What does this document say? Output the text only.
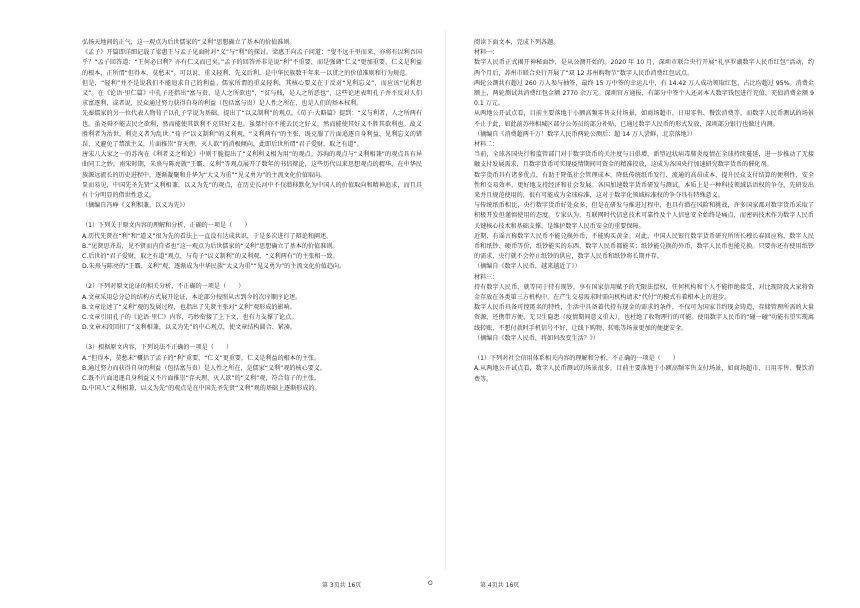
弘扬天地间的正气，这一观点为后世儒家的“义利”思想确立了基本的价值准则。

《孟子》开篇即详细记载了梁惠王与孟子见面时对“义”与“利”的探讨。梁惠王向孟子问道：“叟不远千里而来，亦将有以利吾国乎？”孟子回答道：“王何必曰利？亦有仁义而已矣。”孟子的回答并非是说“利”不重要，而是强调“仁义”更加重要。仁义是利益的根本，正所谓“但得本，莫愁末”。可以说，重义轻利、先义后利，是中华民族数千年来一以贯之的价值准则和行为规范。

但是，“轻利”并不是说我们不能追求自己的利益。儒家所谓的重义轻利，其核心要义在于反对“见利忘义”，而应该“见利思义”。在《论语·里仁篇》中孔子还指出“富与贵，是人之所欲也”，“贫与贱，是人之所恶也”，这些论述表明孔子并不反对人们求富逐利，或者说，民众通过努力获得自身的利益（包括富与贵）是人性之所在，也是人们的基本权利。

先秦儒家的另一位代表人物荀子以孔子学说为基础，提出了“以义制利”的观点。《荀子·大略篇》提到：“义与利者，人之所两有也。虽尧舜不能去民之欲利，然而能使其欲利不克其好义也。虽桀纣亦不能去民之好义，然而能使其好义不胜其欲利也。故义胜利者为治世，利克义者为乱世。”荀子“以义制利”的义利观，“义利两有”的主张，既克服了片面追逐自身利益、见利忘义的错误，又避免了禁欲主义，片面推崇“存天理，灭人欲”的消极倾向，此即后世所谓“君子爱财，取之有道”。

唐宋八大家之一的苏洵在《利者义之和论》中则干脆提出了“义利利义相为用”的观点。苏洵的观点与“义利相兼”的观点具有异曲同工之妙。南宋时期，朱熹与陈亮就“王霸、义利”等观点展开了数年的书信辩论，这些历代以来思想观点的精华，在中华民族源远流长的历史进程中，逐渐凝聚和升华为“大义为重”“见义勇为”的主流文化价值取向。

显而易见，中国先圣先贤“义利相兼，以义为先”的观点，在历史长河中不仅潜移默化为中国人的价值取向和精神追求，而且具有十分明显的借世性意义。

（摘编自冯峥《义利相兼，以义为先》）

（1）下列关于原文内容的理解和分析，正确的一项是（　　）

A.历代先贤在“利”和“道义”很为先的看法上一直没有达成共识，于是多次进行了辩论和阐述。

B.“见贤思齐焉，见不贤而内自省也”这一观点为后世儒家的“义利”思想确立了基本的价值准则。

C.后世的“君子爱财，取之有道”观点，与荀子“以义制利”的义利观、“义利两有”的主张相一致。

D.朱熹与陈亮的“王霸、义利”观，逐渐成为中华民族“大义为重”“见义勇为”的主流文化价值趋向。

（2）下列对原文论证的相关分析，不正确的一项是（　　）

A.文章采用总分总的结构方式展开论证，本论部分按照从古到今的次序顺序论述。

B.文章论述了“义利”观的发展过程，也指出了先贤主张对“义利”观形成的影响。

C.文章引用孔子的《论语·里仁》内容，巧妙衔接了上下文，也有力支撑了论点。

D.文章末段回扣了“义利相兼，以义为先”的中心观点，使文章结构圆合、紧凑。

（3）根据原文内容，下列说法不正确的一项是（　　）

A.“但得本，莫愁末”概括了孟子的“利”重要，“仁义”更重要，仁义是利益的根本的主张。

B.通过努力而获得自身的利益（包括富与贵）是人性之所在，是儒家“义利”观的核心要义。

C.既不片面追逐自身利益又不片面推崇“存天理，灭人欲”的“义利”观，符合荀子的主张。

D.中国人“义利相兼，以义为先”的观点是在中国先圣先贤“义利”观的基础上逐渐形成的。

阅读下面文本，完成下列各题。

材料一：

数字人民币正式揭开神秘面纱，是从公测开始的。2020 年 10 月，深圳市联合央行开展“礼享罗湖数字人民币红包”活动，约两个月后，苏州市联合央行开展了“双 12 苏州购物节”数字人民币消费红包试点。

两轮公测共有超过 260 万人参与抽签，最终 15 万中签的幸运儿中，有 14.42 万人成功领取红包，占比均超过 95%。消费金额上，两轮测试共消费红包金额 2770 余万元。深圳官方通报，有部分中签个人还对本人数字钱包进行充值，充值消费金额 90.1 万元。

从两地公开试点看，目前主要落地于小额高频零售支付场景，如商场超市、日用零售、餐饮消费等。而数字人民币测试的场景不止于此，如此前苏州相城区部分公务员的部分补贴，已通过数字人民币的形式发放，深圳部分银行也做过内测。

（摘编自《消费超两千万！数字人民币两轮公测后：超 14 万人尝鲜，北京落地》）

材料二：

当前，全球各国央行和监管部门对于数字货币的关注度与日俱增，新型冠状病毒肺炎疫情在全球持续蔓延，进一步推动了无接触支付发展需求，且数字货币可实现疫情期间可资金的精准投放，这成为各国央行加速研究数字货币的催化剂。

数字货币具有诸多优点，有助于降低社会管理成本，降低传统纸币发行、流通的高昂成本，提升民众支付结算的便利性，安全性和交易效率，更好地支持经济和社会发展。各国加速数字货币研发与测试，本质上是一种科技领域话语权的争夺，先研发出来并且规范使用的，很有可能成为全球标准，这对于数字化领域标准权的争夺具有特殊意义。

与传统纸币相比，央行数字货币好处众多，但是在研发与推进过程中，也具有潜在风险和挑战，许多国家都对数字货币采取了积极开发但谨慎使用的态度。专家认为，互联网时代信息技术可靠性及个人信息安全始终是痛点，而密码技术作为数字人民币关键核心技术和基础支撑，是维护数字人民币安全的重要保障。

近期，有谣言称数字人民币不能兑换外币，不能购买黄金。对此，中国人民银行数字货币研究所所长穆长春回应称，数字人民币和纸钞、硬币等价，纸钞能买的东西，数字人民币都能买；纸钞能兑换的外币，数字人民币也能兑换。只要你还有使用纸钞的需求，央行就不会停止纸钞的供应，数字人民币和纸钞将长期并存。

（摘编自《数字人民币，越来越近了》）

材料三：

持有数字人民币，就等同于持有现钞，享有国家信用赋予的无限法偿权，任何机构和个人不能拒绝接受，对比现阶段大家将资金存放在各类第三方机构中，在产生交易需求时需向机构请求“代付”的模式有着根本上的进步。

数字人民币具备可控匿名的特性，生活中具备着代持有现金的需求的条件，不仅可为国家节约现金铸造、存储管理所需的大量资源，还携带方便、无卫生隐患（疫情期间意义重大），也杜绝了收物理行的可能。使用数字人民币的“碰一碰”功能有望实现离线转账，不想付款时手机信号不好，让线下购物、转账等场景更加的便捷安全。

（摘编自《数字人民币，将如何改变生活？》）

（1）下列对社会信用体系相关内容的理解和分析，不正确的一项是（　　）

A.从两地公开试点看，数字人民币测试的场景很多，目前主要落地于小额高频零售支付场景，如商场超市、日用零售、餐饮消费等。

第 3页共 16页	O	第 4页共 16页
